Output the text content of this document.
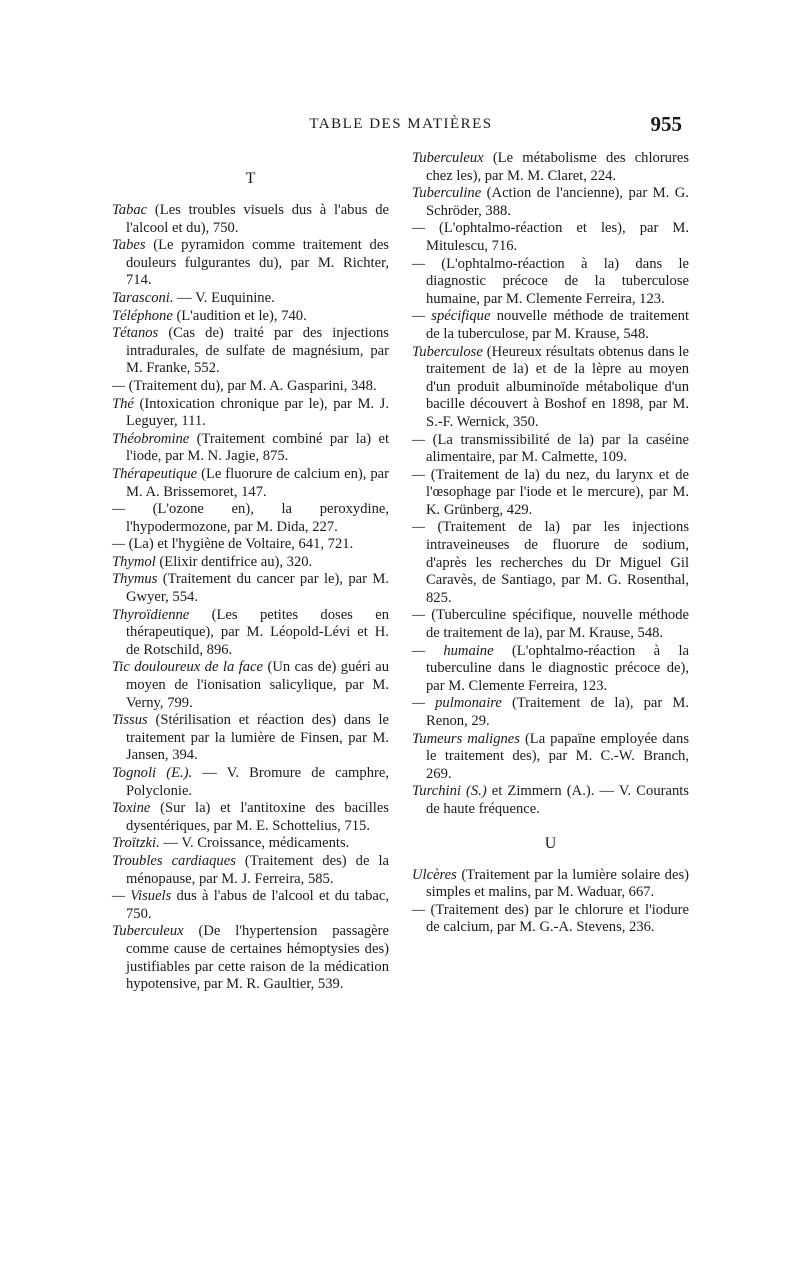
TABLE DES MATIÈRES	955
T

Tabac (Les troubles visuels dus à l'abus de l'alcool et du), 750.

Tabes (Le pyramidon comme traitement des douleurs fulgurantes du), par M. Richter, 714.

Tarasconi. — V. Euquinine.

Téléphone (L'audition et le), 740.

Tétanos (Cas de) traité par des injections intradurales, de sulfate de magnésium, par M. Franke, 552.

— (Traitement du), par M. A. Gasparini, 348.

Thé (Intoxication chronique par le), par M. J. Leguyer, 111.

Théobromine (Traitement combiné par la) et l'iode, par M. N. Jagie, 875.

Thérapeutique (Le fluorure de calcium en), par M. A. Brissemoret, 147.

— (L'ozone en), la peroxydine, l'hypodermozone, par M. Dida, 227.

— (La) et l'hygiène de Voltaire, 641, 721.

Thymol (Elixir dentifrice au), 320.

Thymus (Traitement du cancer par le), par M. Gwyer, 554.

Thyroïdienne (Les petites doses en thérapeutique), par M. Léopold-Lévi et H. de Rotschild, 896.

Tic douloureux de la face (Un cas de) guéri au moyen de l'ionisation salicylique, par M. Verny, 799.

Tissus (Stérilisation et réaction des) dans le traitement par la lumière de Finsen, par M. Jansen, 394.

Tognoli (E.). — V. Bromure de camphre, Polyclonie.

Toxine (Sur la) et l'antitoxine des bacilles dysentériques, par M. E. Schottelius, 715.

Troïtzki. — V. Croissance, médicaments.

Troubles cardiaques (Traitement des) de la ménopause, par M. J. Ferreira, 585.

— Visuels dus à l'abus de l'alcool et du tabac, 750.

Tuberculeux (De l'hypertension passagère comme cause de certaines hémoptysies des) justifiables par cette raison de la médication hypotensive, par M. R. Gaultier, 539.

Tuberculeux (Le métabolisme des chlorures chez les), par M. M. Claret, 224.

Tuberculine (Action de l'ancienne), par M. G. Schröder, 388.

— (L'ophtalmo-réaction et les), par M. Mitulescu, 716.

— (L'ophtalmo-réaction à la) dans le diagnostic précoce de la tuberculose humaine, par M. Clemente Ferreira, 123.

— spécifique nouvelle méthode de traitement de la tuberculose, par M. Krause, 548.

Tuberculose (Heureux résultats obtenus dans le traitement de la) et de la lèpre au moyen d'un produit albuminoïde métabolique d'un bacille découvert à Boshof en 1898, par M. S.-F. Wernick, 350.

— (La transmissibilité de la) par la caséine alimentaire, par M. Calmette, 109.

— (Traitement de la) du nez, du larynx et de l'œsophage par l'iode et le mercure), par M. K. Grünberg, 429.

— (Traitement de la) par les injections intraveineuses de fluorure de sodium, d'après les recherches du Dr Miguel Gil Caravès, de Santiago, par M. G. Rosenthal, 825.

— (Tuberculine spécifique, nouvelle méthode de traitement de la), par M. Krause, 548.

— humaine (L'ophtalmo-réaction à la tuberculine dans le diagnostic précoce de), par M. Clemente Ferreira, 123.

— pulmonaire (Traitement de la), par M. Renon, 29.

Tumeurs malignes (La papaïne employée dans le traitement des), par M. C.-W. Branch, 269.

Turchini (S.) et Zimmern (A.). — V. Courants de haute fréquence.

U

Ulcères (Traitement par la lumière solaire des) simples et malins, par M. Waduar, 667.

— (Traitement des) par le chlorure et l'iodure de calcium, par M. G.-A. Stevens, 236.
